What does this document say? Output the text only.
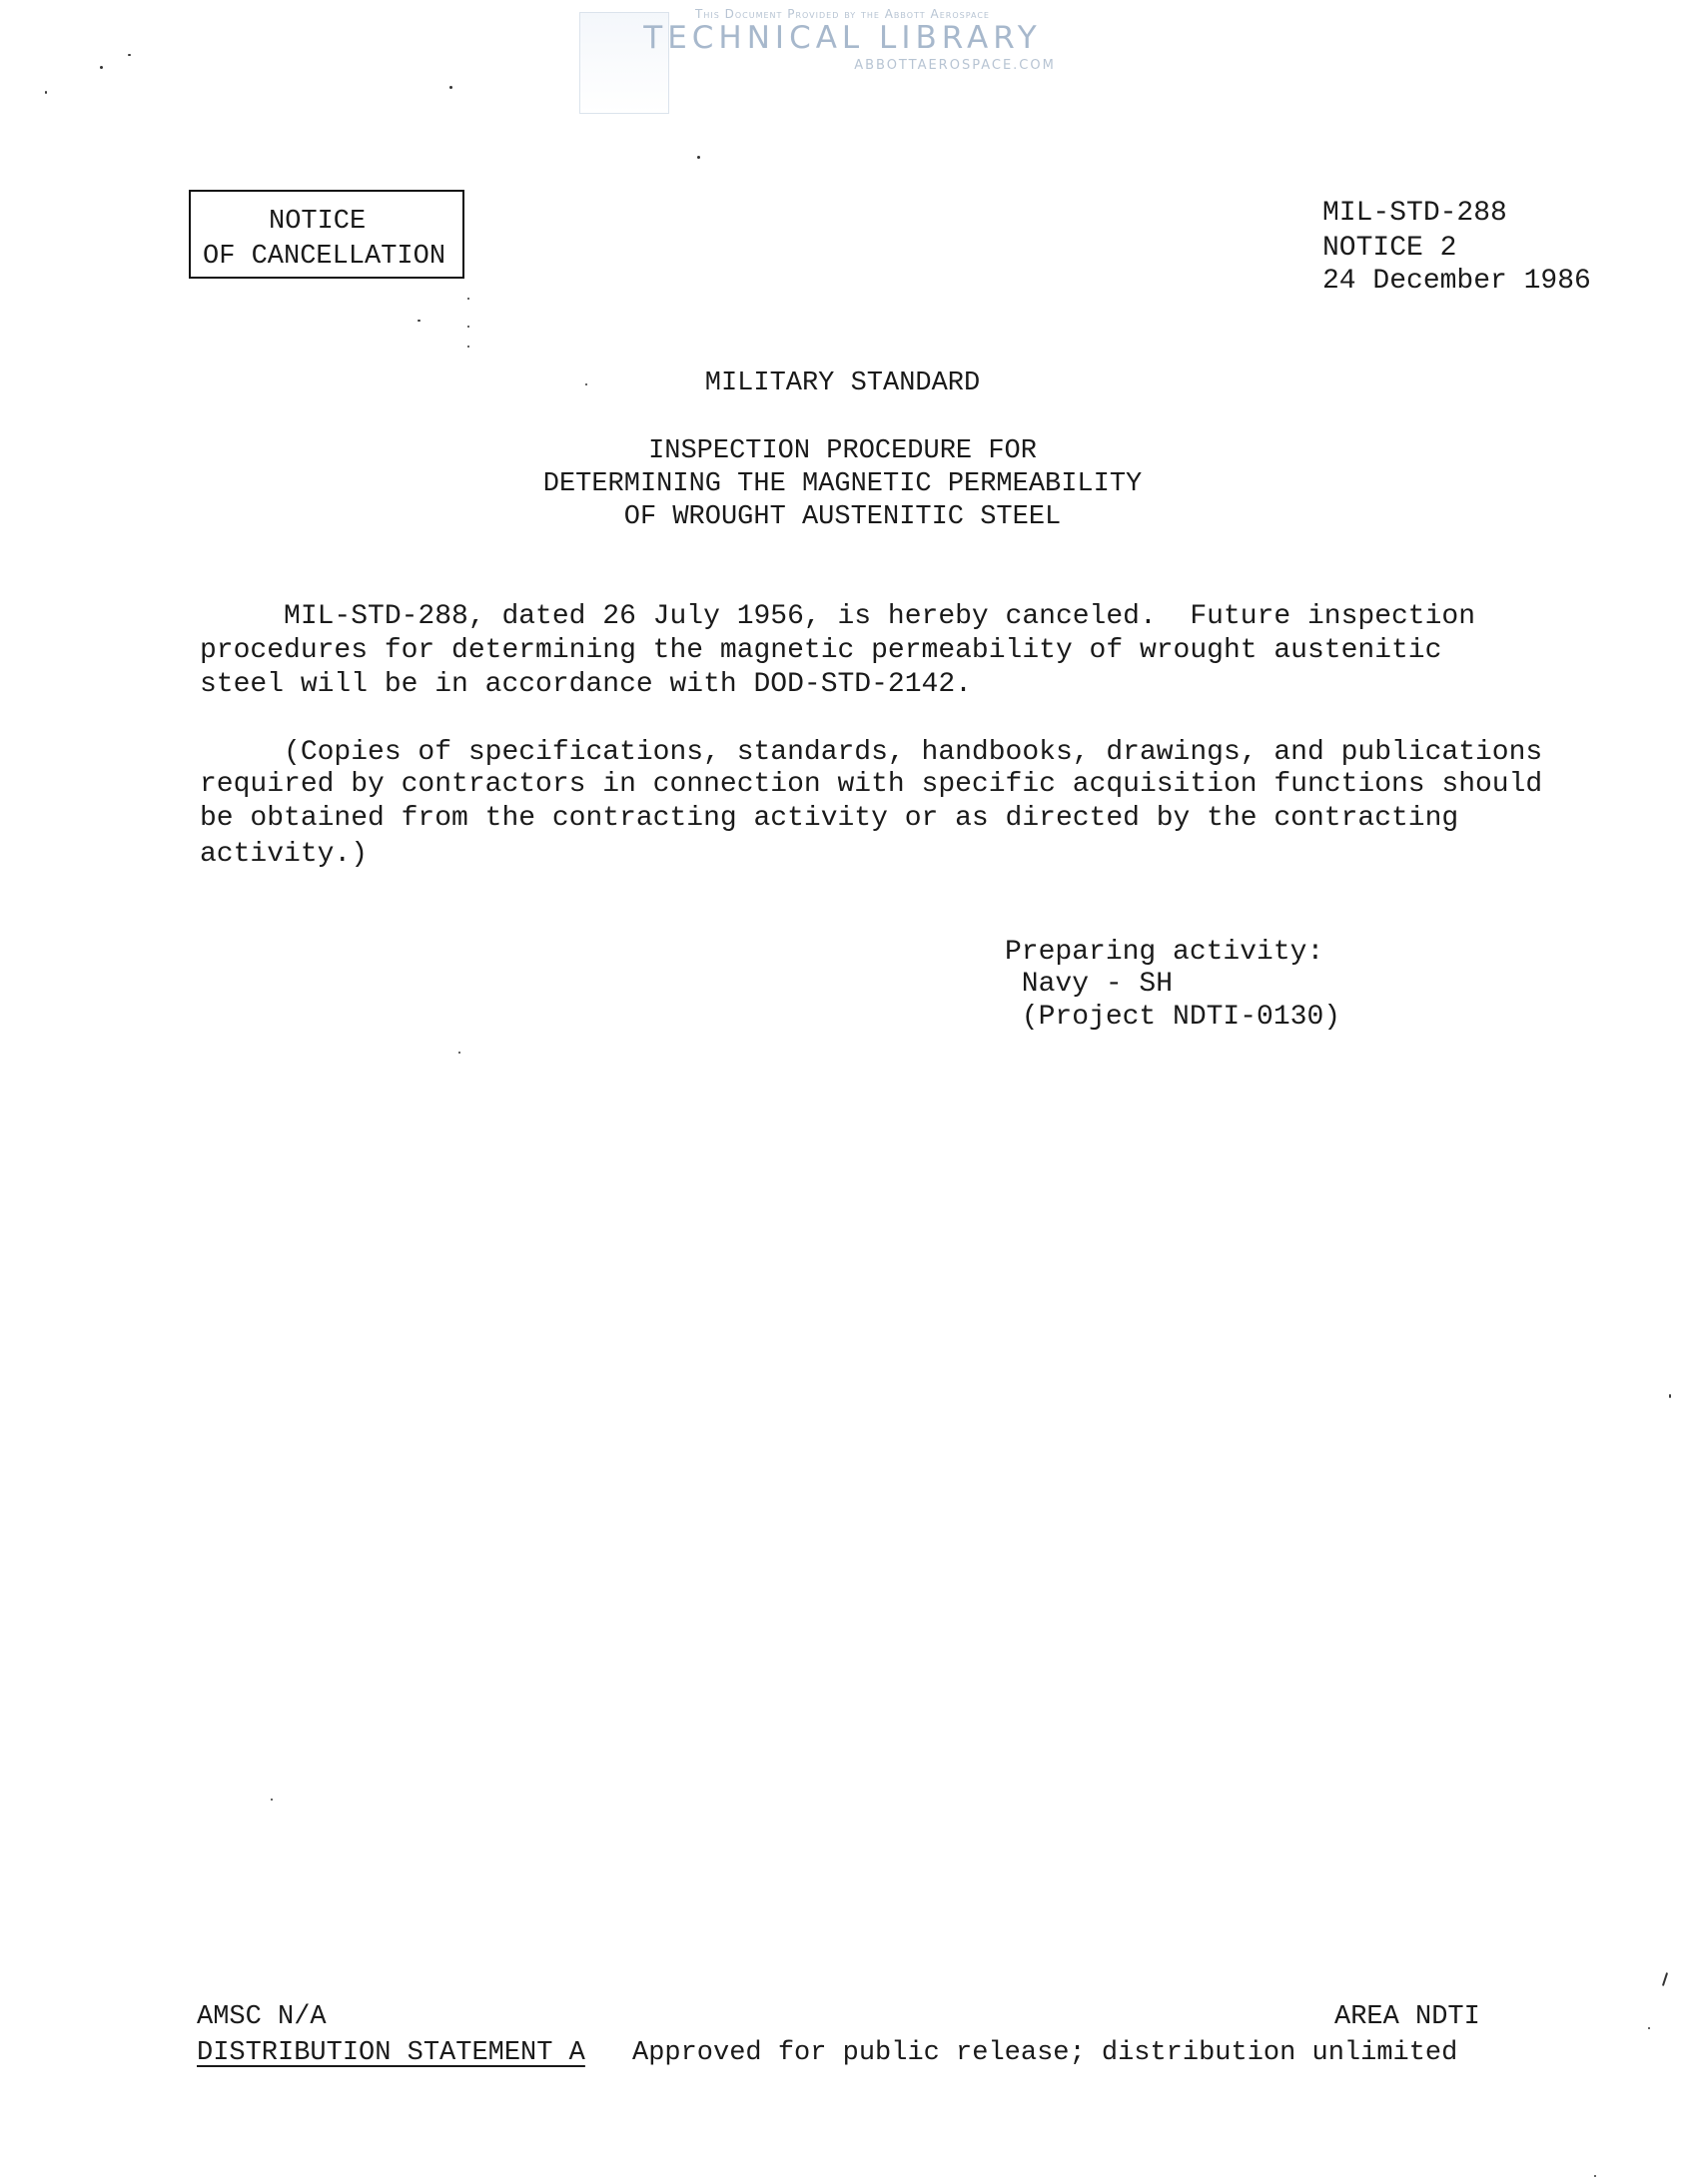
This Document Provided by the Abbott Aerospace
TECHNICAL LIBRARY
ABBOTTAEROSPACE.COM
NOTICE
OF CANCELLATION
MIL-STD-288
NOTICE 2
24 December 1986
MILITARY STANDARD
INSPECTION PROCEDURE FOR
DETERMINING THE MAGNETIC PERMEABILITY
OF WROUGHT AUSTENITIC STEEL
MIL-STD-288, dated 26 July 1956, is hereby canceled.  Future inspection
procedures for determining the magnetic permeability of wrought austenitic
steel will be in accordance with DOD-STD-2142.
(Copies of specifications, standards, handbooks, drawings, and publications
required by contractors in connection with specific acquisition functions should
be obtained from the contracting activity or as directed by the contracting
activity.)
Preparing activity:
Navy - SH
(Project NDTI-0130)
AMSC N/A	AREA NDTI
DISTRIBUTION STATEMENT A Approved for public release; distribution unlimited
